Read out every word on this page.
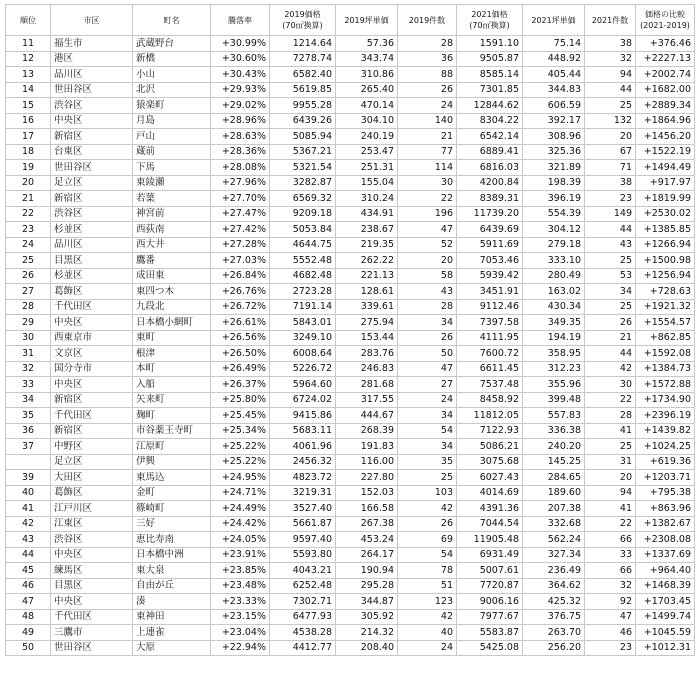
順位	市区	町名	騰落率	2019価格
(70㎡換算)	2019坪単価	2019件数	2021価格
(70㎡換算)	2021坪単価	2021件数	価格の比較
(2021-2019)
11	福生市	武蔵野台	+30.99%	1214.64	57.36	28	1591.10	75.14	38	+376.46
12	港区	新橋	+30.60%	7278.74	343.74	36	9505.87	448.92	32	+2227.13
13	品川区	小山	+30.43%	6582.40	310.86	88	8585.14	405.44	94	+2002.74
14	世田谷区	北沢	+29.93%	5619.85	265.40	26	7301.85	344.83	44	+1682.00
15	渋谷区	猿楽町	+29.02%	9955.28	470.14	24	12844.62	606.59	25	+2889.34
16	中央区	月島	+28.96%	6439.26	304.10	140	8304.22	392.17	132	+1864.96
17	新宿区	戸山	+28.63%	5085.94	240.19	21	6542.14	308.96	20	+1456.20
18	台東区	蔵前	+28.36%	5367.21	253.47	77	6889.41	325.36	67	+1522.19
19	世田谷区	下馬	+28.08%	5321.54	251.31	114	6816.03	321.89	71	+1494.49
20	足立区	東綾瀬	+27.96%	3282.87	155.04	30	4200.84	198.39	38	+917.97
21	新宿区	若葉	+27.70%	6569.32	310.24	22	8389.31	396.19	23	+1819.99
22	渋谷区	神宮前	+27.47%	9209.18	434.91	196	11739.20	554.39	149	+2530.02
23	杉並区	西荻南	+27.42%	5053.84	238.67	47	6439.69	304.12	44	+1385.85
24	品川区	西大井	+27.28%	4644.75	219.35	52	5911.69	279.18	43	+1266.94
25	目黒区	鷹番	+27.03%	5552.48	262.22	20	7053.46	333.10	25	+1500.98
26	杉並区	成田東	+26.84%	4682.48	221.13	58	5939.42	280.49	53	+1256.94
27	葛飾区	東四つ木	+26.76%	2723.28	128.61	43	3451.91	163.02	34	+728.63
28	千代田区	九段北	+26.72%	7191.14	339.61	28	9112.46	430.34	25	+1921.32
29	中央区	日本橋小網町	+26.61%	5843.01	275.94	34	7397.58	349.35	26	+1554.57
30	西東京市	東町	+26.56%	3249.10	153.44	26	4111.95	194.19	21	+862.85
31	文京区	根津	+26.50%	6008.64	283.76	50	7600.72	358.95	44	+1592.08
32	国分寺市	本町	+26.49%	5226.72	246.83	47	6611.45	312.23	42	+1384.73
33	中央区	入船	+26.37%	5964.60	281.68	27	7537.48	355.96	30	+1572.88
34	新宿区	矢来町	+25.80%	6724.02	317.55	24	8458.92	399.48	22	+1734.90
35	千代田区	麹町	+25.45%	9415.86	444.67	34	11812.05	557.83	28	+2396.19
36	新宿区	市谷薬王寺町	+25.34%	5683.11	268.39	54	7122.93	336.38	41	+1439.82
37	中野区	江原町	+25.22%	4061.96	191.83	34	5086.21	240.20	25	+1024.25
	足立区	伊興	+25.22%	2456.32	116.00	35	3075.68	145.25	31	+619.36
39	大田区	東馬込	+24.95%	4823.72	227.80	25	6027.43	284.65	20	+1203.71
40	葛飾区	金町	+24.71%	3219.31	152.03	103	4014.69	189.60	94	+795.38
41	江戸川区	篠崎町	+24.49%	3527.40	166.58	42	4391.36	207.38	41	+863.96
42	江東区	三好	+24.42%	5661.87	267.38	26	7044.54	332.68	22	+1382.67
43	渋谷区	恵比寿南	+24.05%	9597.40	453.24	69	11905.48	562.24	66	+2308.08
44	中央区	日本橋中洲	+23.91%	5593.80	264.17	54	6931.49	327.34	33	+1337.69
45	練馬区	東大泉	+23.85%	4043.21	190.94	78	5007.61	236.49	66	+964.40
46	目黒区	自由が丘	+23.48%	6252.48	295.28	51	7720.87	364.62	32	+1468.39
47	中央区	湊	+23.33%	7302.71	344.87	123	9006.16	425.32	92	+1703.45
48	千代田区	東神田	+23.15%	6477.93	305.92	42	7977.67	376.75	47	+1499.74
49	三鷹市	上連雀	+23.04%	4538.28	214.32	40	5583.87	263.70	46	+1045.59
50	世田谷区	大原	+22.94%	4412.77	208.40	24	5425.08	256.20	23	+1012.31
